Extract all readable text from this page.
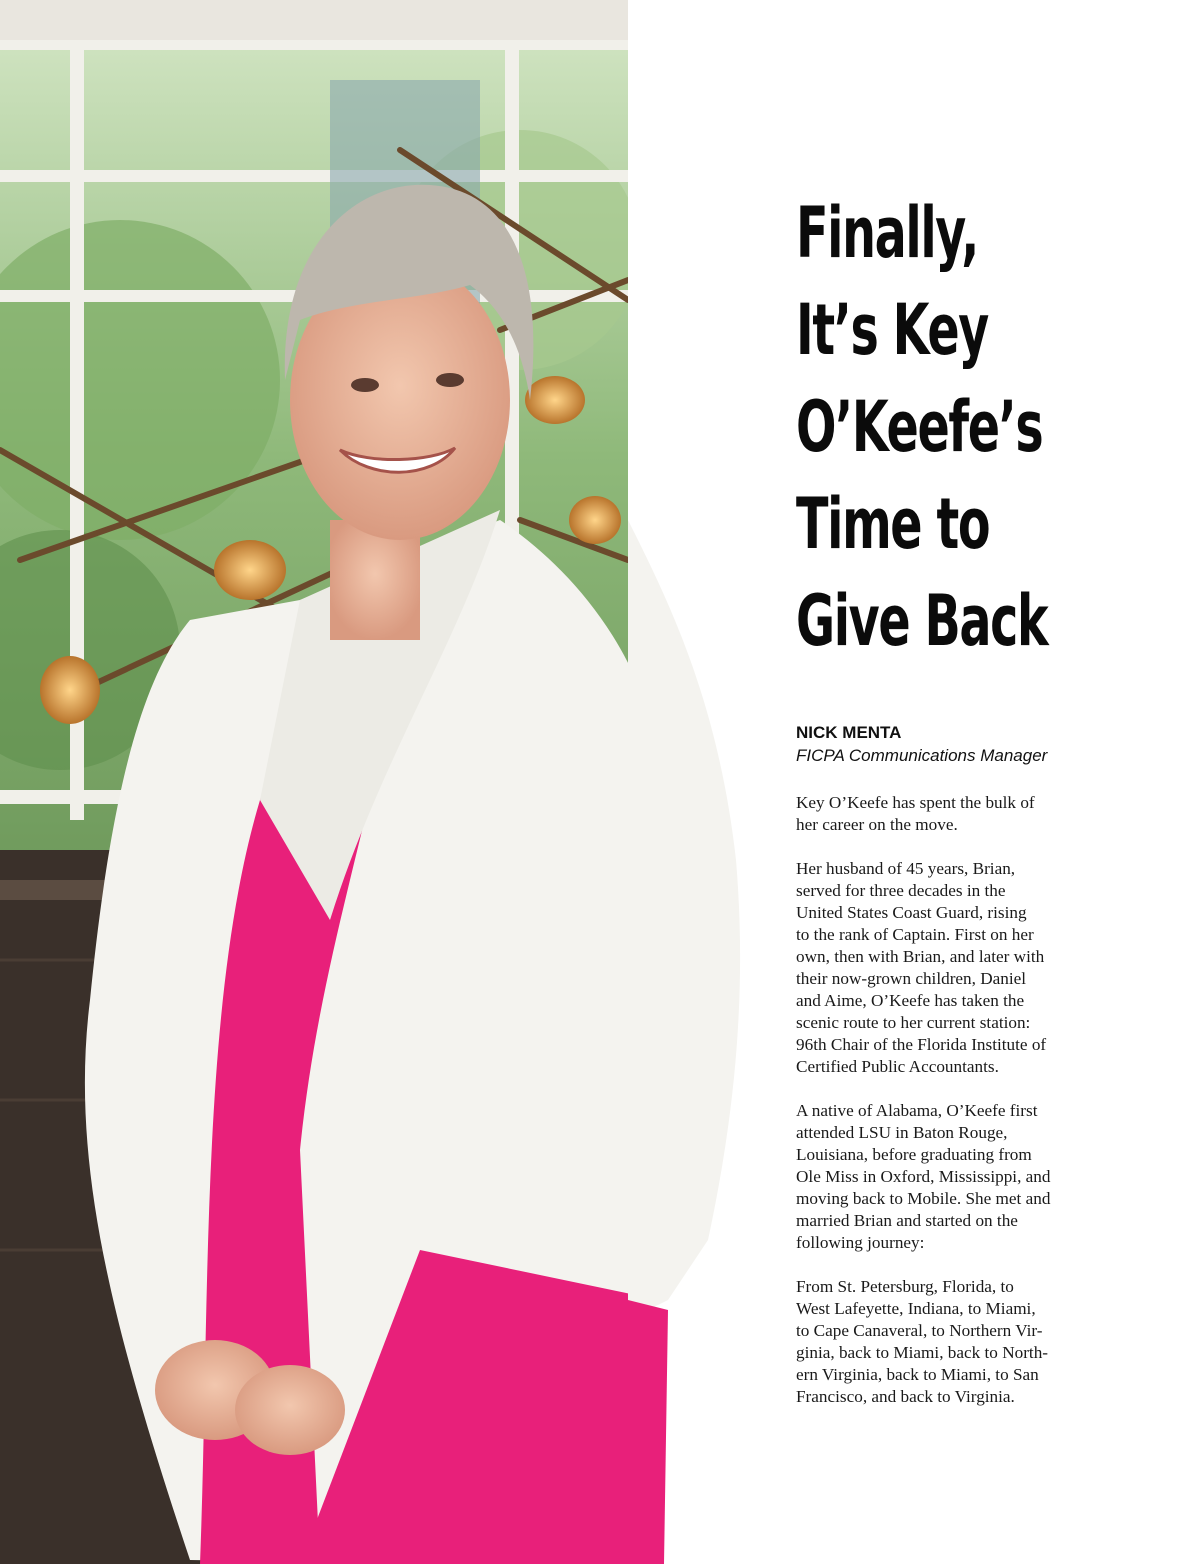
Finally,
It’s Key
O’Keefe’s
Time to
Give Back
NICK MENTA
FICPA Communications Manager

Key O’Keefe has spent the bulk of
her career on the move.

Her husband of 45 years, Brian,
served for three decades in the
United States Coast Guard, rising
to the rank of Captain. First on her
own, then with Brian, and later with
their now-grown children, Daniel
and Aime, O’Keefe has taken the
scenic route to her current station:
96th Chair of the Florida Institute of
Certified Public Accountants.

A native of Alabama, O’Keefe first
attended LSU in Baton Rouge,
Louisiana, before graduating from
Ole Miss in Oxford, Mississippi, and
moving back to Mobile. She met and
married Brian and started on the
following journey:

From St. Petersburg, Florida, to
West Lafeyette, Indiana, to Miami,
to Cape Canaveral, to Northern Vir-
ginia, back to Miami, back to North-
ern Virginia, back to Miami, to San
Francisco, and back to Virginia.
